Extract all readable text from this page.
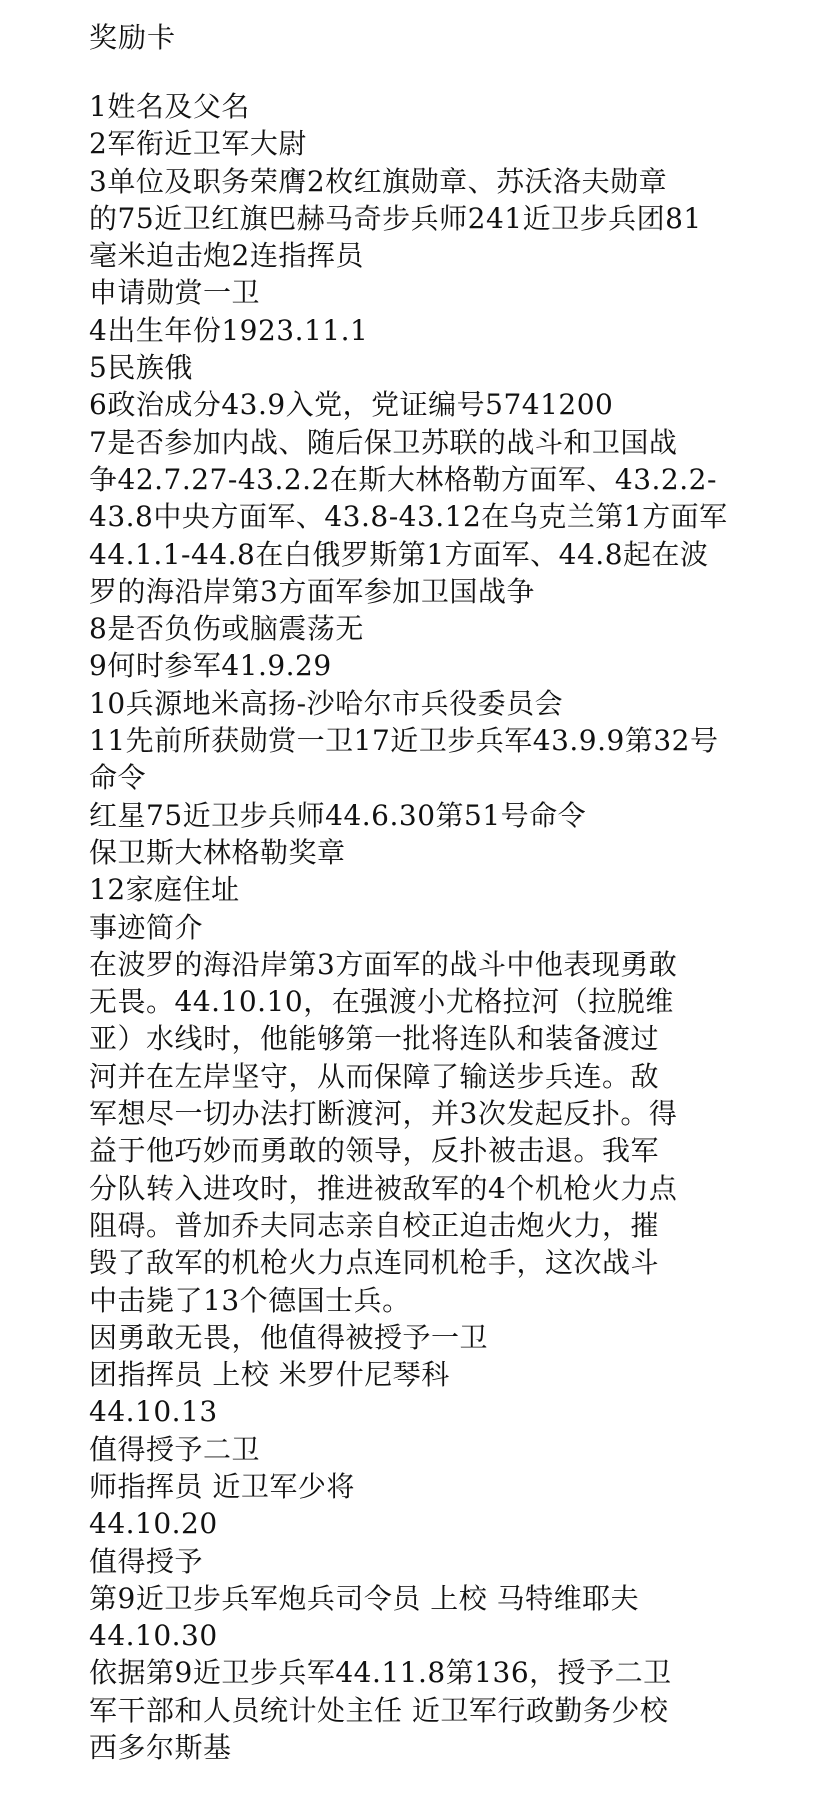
奖励卡
1姓名及父名
2军衔近卫军大尉
3单位及职务荣膺2枚红旗勋章、苏沃洛夫勋章
的75近卫红旗巴赫马奇步兵师241近卫步兵团81
毫米迫击炮2连指挥员
申请勋赏一卫
4出生年份1923.11.1
5民族俄
6政治成分43.9入党，党证编号5741200
7是否参加内战、随后保卫苏联的战斗和卫国战
争42.7.27-43.2.2在斯大林格勒方面军、43.2.2-
43.8中央方面军、43.8-43.12在乌克兰第1方面军
44.1.1-44.8在白俄罗斯第1方面军、44.8起在波
罗的海沿岸第3方面军参加卫国战争
8是否负伤或脑震荡无
9何时参军41.9.29
10兵源地米高扬-沙哈尔市兵役委员会
11先前所获勋赏一卫17近卫步兵军43.9.9第32号
命令
红星75近卫步兵师44.6.30第51号命令
保卫斯大林格勒奖章
12家庭住址
事迹简介
在波罗的海沿岸第3方面军的战斗中他表现勇敢
无畏。44.10.10，在强渡小尤格拉河（拉脱维
亚）水线时，他能够第一批将连队和装备渡过
河并在左岸坚守，从而保障了输送步兵连。敌
军想尽一切办法打断渡河，并3次发起反扑。得
益于他巧妙而勇敢的领导，反扑被击退。我军
分队转入进攻时，推进被敌军的4个机枪火力点
阻碍。普加乔夫同志亲自校正迫击炮火力，摧
毁了敌军的机枪火力点连同机枪手，这次战斗
中击毙了13个德国士兵。
因勇敢无畏，他值得被授予一卫
团指挥员 上校 米罗什尼琴科
44.10.13
值得授予二卫
师指挥员 近卫军少将
44.10.20
值得授予
第9近卫步兵军炮兵司令员 上校 马特维耶夫
44.10.30
依据第9近卫步兵军44.11.8第136，授予二卫
军干部和人员统计处主任 近卫军行政勤务少校
西多尔斯基
